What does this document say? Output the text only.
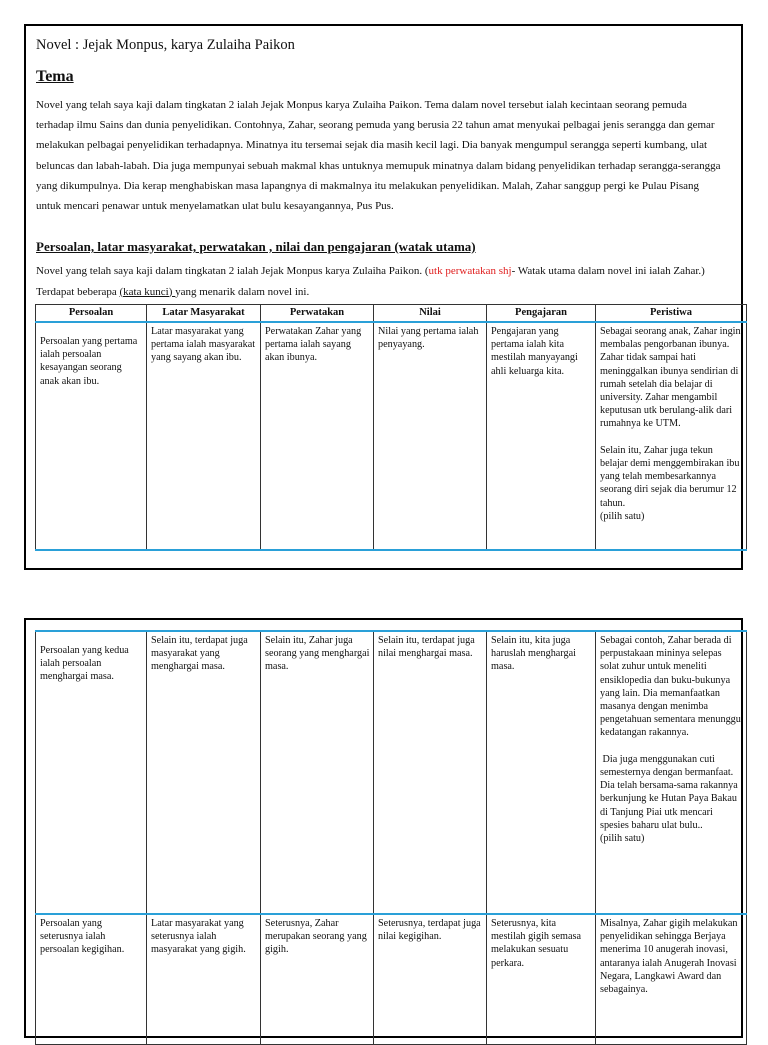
Novel : Jejak Monpus, karya Zulaiha Paikon
Tema

Novel yang telah saya kaji dalam tingkatan 2 ialah Jejak Monpus karya Zulaiha Paikon. Tema dalam novel tersebut ialah kecintaan seorang pemuda terhadap ilmu Sains dan dunia penyelidikan. Contohnya, Zahar, seorang pemuda yang berusia 22 tahun amat menyukai pelbagai jenis serangga dan gemar melakukan pelbagai penyelidikan terhadapnya. Minatnya itu tersemai sejak dia masih kecil lagi. Dia banyak mengumpul serangga seperti kumbang, ulat beluncas dan labah-labah. Dia juga mempunyai sebuah makmal khas untuknya memupuk minatnya dalam bidang penyelidikan terhadap serangga-serangga yang dikumpulnya. Dia kerap menghabiskan masa lapangnya di makmalnya itu melakukan penyelidikan. Malah, Zahar sanggup pergi ke Pulau Pisang untuk mencari penawar untuk menyelamatkan ulat bulu kesayangannya, Pus Pus.

Persoalan, latar masyarakat, perwatakan , nilai dan pengajaran (watak utama)
Novel yang telah saya kaji dalam tingkatan 2 ialah Jejak Monpus karya Zulaiha Paikon. (utk perwatakan shj- Watak utama dalam novel ini ialah Zahar.) Terdapat beberapa (kata kunci) yang menarik dalam novel ini.
Persoalan	Latar Masyarakat	Perwatakan	Nilai	Pengajaran	Peristiwa

Persoalan yang pertama ialah persoalan kesayangan seorang anak akan ibu.	Latar masyarakat yang pertama ialah masyarakat yang sayang akan ibu.	Perwatakan Zahar yang pertama ialah sayang akan ibunya.	Nilai yang pertama ialah penyayang.	Pengajaran yang pertama ialah kita mestilah manyayangi ahli keluarga kita.	Sebagai seorang anak, Zahar ingin membalas pengorbanan ibunya. Zahar tidak sampai hati meninggalkan ibunya sendirian di rumah setelah dia belajar di university. Zahar mengambil keputusan utk berulang-alik dari rumahnya ke UTM.

Selain itu, Zahar juga tekun belajar demi menggembirakan ibu yang telah membesarkannya seorang diri sejak dia berumur 12 tahun.
(pilih satu)
Persoalan yang kedua ialah persoalan menghargai masa.	Selain itu, terdapat juga masyarakat yang menghargai masa.	Selain itu, Zahar juga seorang yang menghargai masa.	Selain itu, terdapat juga nilai menghargai masa.	Selain itu, kita juga haruslah menghargai masa.	Sebagai contoh, Zahar berada di perpustakaan mininya selepas solat zuhur untuk meneliti ensiklopedia dan buku-bukunya yang lain. Dia memanfaatkan masanya dengan menimba pengetahuan sementara menunggu kedatangan rakannya.

Dia juga menggunakan cuti semesternya dengan bermanfaat. Dia telah bersama-sama rakannya berkunjung ke Hutan Paya Bakau di Tanjung Piai utk mencari spesies baharu ulat bulu..
(pilih satu)

Persoalan yang seterusnya ialah persoalan kegigihan.	Latar masyarakat yang seterusnya ialah masyarakat yang gigih.	Seterusnya, Zahar merupakan seorang yang gigih.	Seterusnya, terdapat juga nilai kegigihan.	Seterusnya, kita mestilah gigih semasa melakukan sesuatu perkara.	Misalnya, Zahar gigih melakukan penyelidikan sehingga Berjaya menerima 10 anugerah inovasi, antaranya ialah Anugerah Inovasi Negara, Langkawi Award dan sebagainya.
